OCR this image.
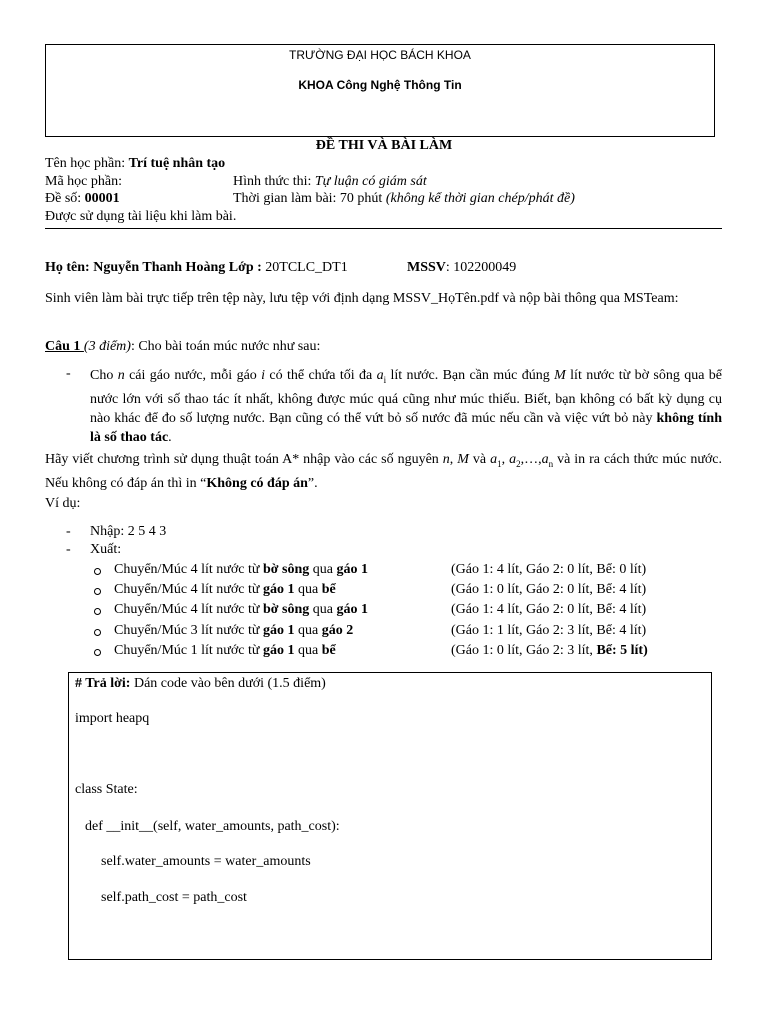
TRƯỜNG ĐẠI HỌC BÁCH KHOA
KHOA Công Nghệ Thông Tin
ĐỀ THI VÀ BÀI LÀM
Tên học phần: Trí tuệ nhân tạo
Mã học phần:	Hình thức thi: Tự luận có giám sát
Đề số: 00001	Thời gian làm bài: 70 phút (không kể thời gian chép/phát đề)
Được sử dụng tài liệu khi làm bài.
Họ tên: Nguyễn Thanh Hoàng Lớp : 20TCLC_DT1	MSSV: 102200049

Sinh viên làm bài trực tiếp trên tệp này, lưu tệp với định dạng MSSV_HọTên.pdf và nộp bài thông qua MSTeam:

Câu 1 (3 điểm): Cho bài toán múc nước như sau:
- Cho n cái gáo nước, mỗi gáo i có thể chứa tối đa $a_i$ lít nước. Bạn cần múc đúng M lít nước từ bờ sông qua bể nước lớn với số thao tác ít nhất, không được múc quá cũng như múc thiếu. Biết, bạn không có bất kỳ dụng cụ nào khác để đo số lượng nước. Bạn cũng có thể vứt bỏ số nước đã múc nếu cần và việc vứt bỏ này không tính là số thao tác.

Hãy viết chương trình sử dụng thuật toán A* nhập vào các số nguyên n, M và $a_1$, $a_2,\dots,a_n$ và in ra cách thức múc nước. Nếu không có đáp án thì in “Không có đáp án”.

Ví dụ:
- Nhập: 2 5 4 3
- Xuất:
Chuyển/Múc 4 lít nước từ bờ sông qua gáo 1	(Gáo 1: 4 lít, Gáo 2: 0 lít, Bể: 0 lít)
Chuyển/Múc 4 lít nước từ gáo 1 qua bể	(Gáo 1: 0 lít, Gáo 2: 0 lít, Bể: 4 lít)
Chuyển/Múc 4 lít nước từ bờ sông qua gáo 1	(Gáo 1: 4 lít, Gáo 2: 0 lít, Bể: 4 lít)
Chuyển/Múc 3 lít nước từ gáo 1 qua gáo 2	(Gáo 1: 1 lít, Gáo 2: 3 lít, Bể: 4 lít)
Chuyển/Múc 1 lít nước từ gáo 1 qua bể	(Gáo 1: 0 lít, Gáo 2: 3 lít, Bể: 5 lít)
# Trả lời: Dán code vào bên dưới (1.5 điểm)
import heapq
class State:
def __init__(self, water_amounts, path_cost):
self.water_amounts = water_amounts
self.path_cost = path_cost
